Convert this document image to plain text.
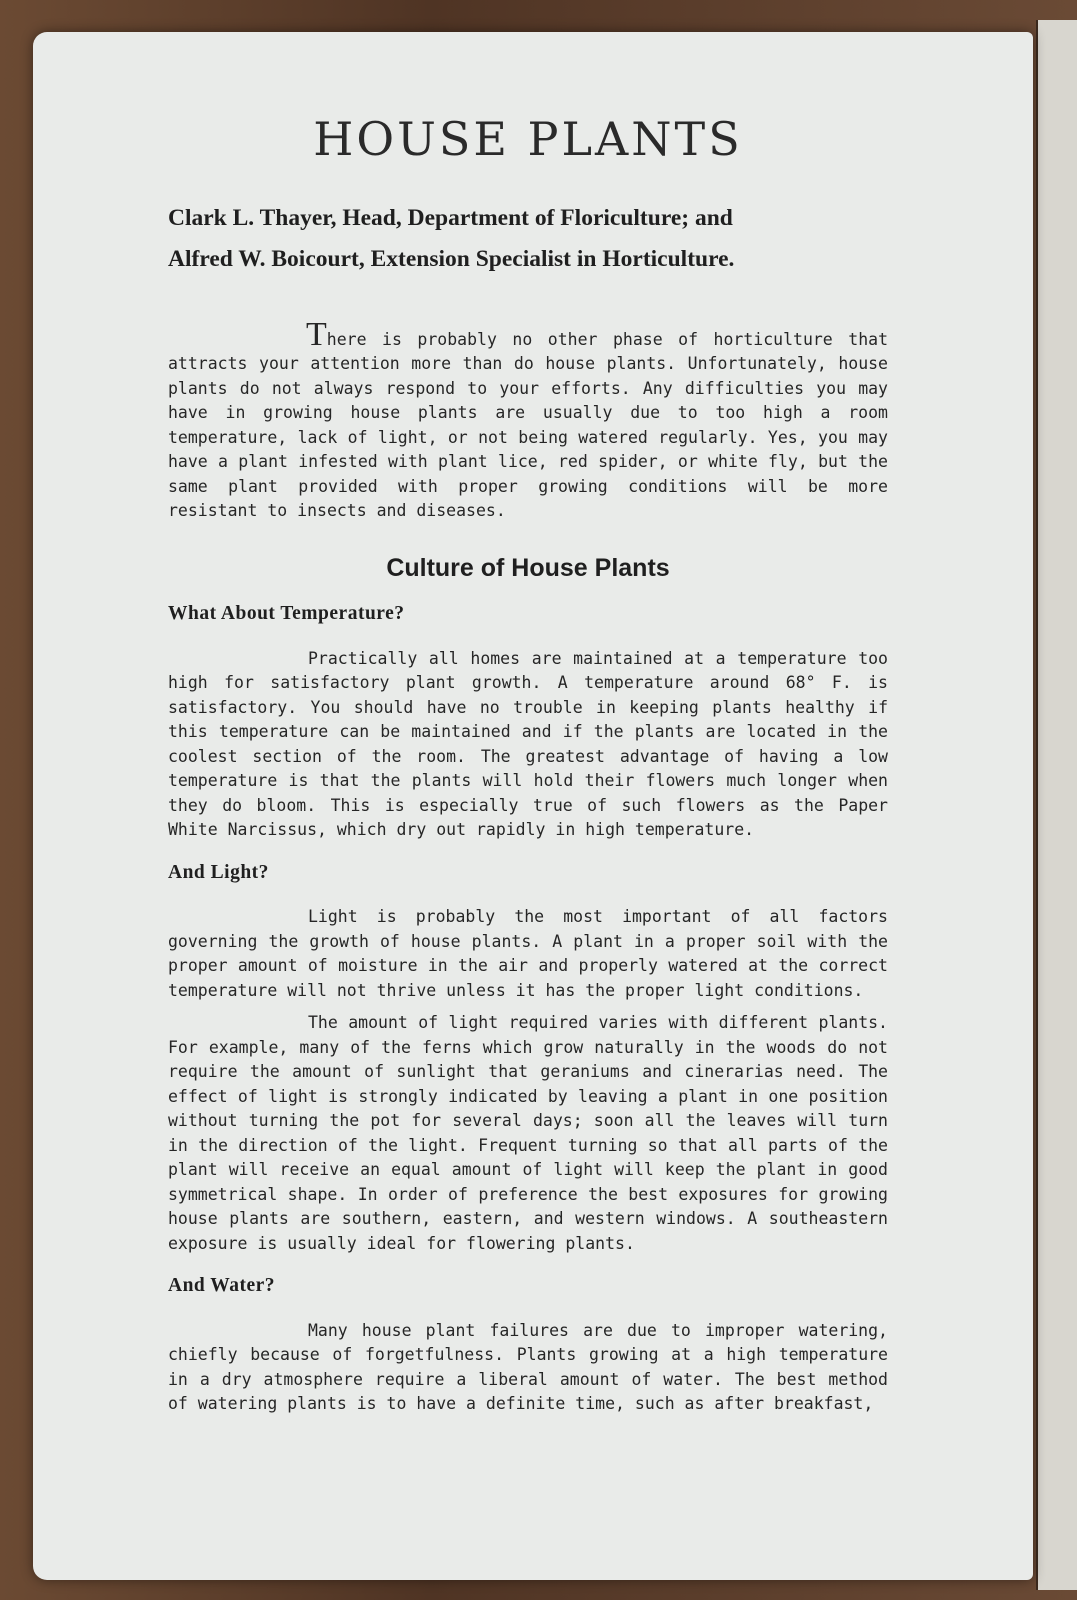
HOUSE PLANTS
Clark L. Thayer, Head, Department of Floriculture; and
Alfred W. Boicourt, Extension Specialist in Horticulture.

There is probably no other phase of horticulture that attracts your attention more than do house plants. Unfortunately, house plants do not always respond to your efforts. Any difficulties you may have in growing house plants are usually due to too high a room temperature, lack of light, or not being watered regularly. Yes, you may have a plant infested with plant lice, red spider, or white fly, but the same plant provided with proper growing conditions will be more resistant to insects and diseases.

Culture of House Plants
What About Temperature?

Practically all homes are maintained at a temperature too high for satisfactory plant growth. A temperature around 68° F. is satisfactory. You should have no trouble in keeping plants healthy if this temperature can be maintained and if the plants are located in the coolest section of the room. The greatest advantage of having a low temperature is that the plants will hold their flowers much longer when they do bloom. This is especially true of such flowers as the Paper White Narcissus, which dry out rapidly in high temperature.

And Light?

Light is probably the most important of all factors governing the growth of house plants. A plant in a proper soil with the proper amount of moisture in the air and properly watered at the correct temperature will not thrive unless it has the proper light conditions.

The amount of light required varies with different plants. For example, many of the ferns which grow naturally in the woods do not require the amount of sunlight that geraniums and cinerarias need. The effect of light is strongly indicated by leaving a plant in one position without turning the pot for several days; soon all the leaves will turn in the direction of the light. Frequent turning so that all parts of the plant will receive an equal amount of light will keep the plant in good symmetrical shape. In order of preference the best exposures for growing house plants are southern, eastern, and western windows. A southeastern exposure is usually ideal for flowering plants.

And Water?

Many house plant failures are due to improper watering, chiefly because of forgetfulness. Plants growing at a high temperature in a dry atmosphere require a liberal amount of water. The best method of watering plants is to have a definite time, such as after breakfast,
